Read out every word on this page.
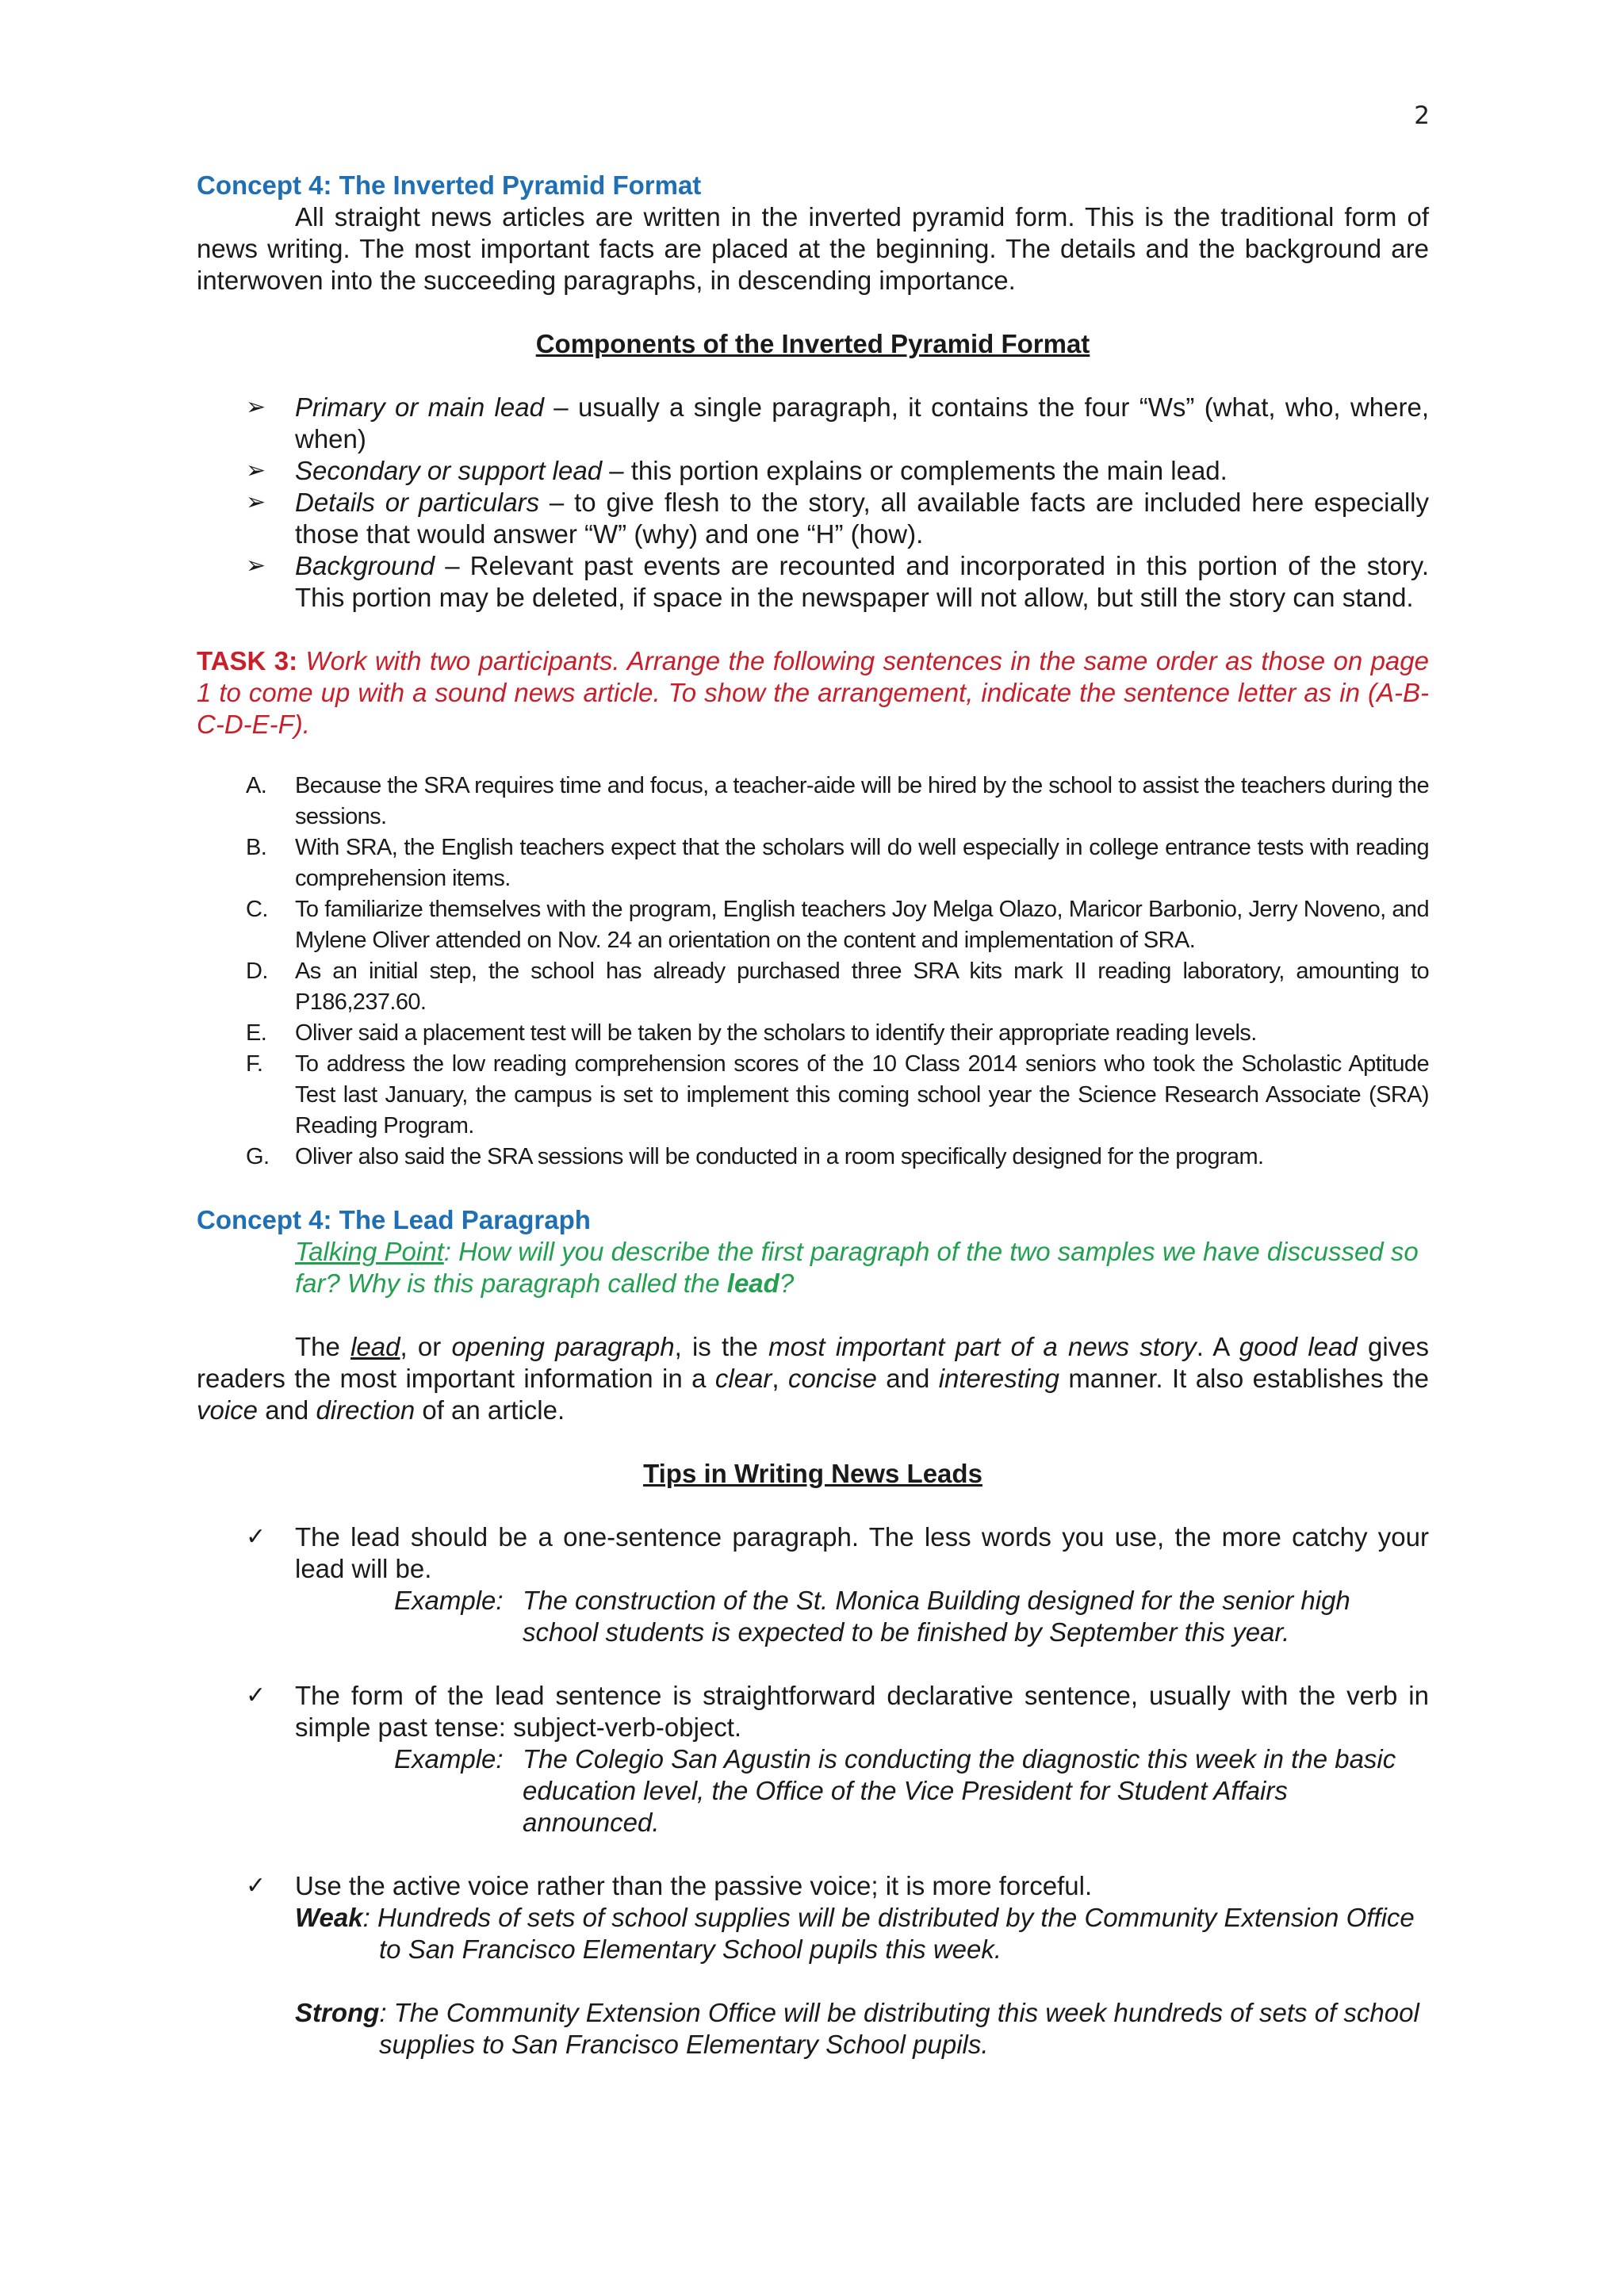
2
Concept 4: The Inverted Pyramid Format

All straight news articles are written in the inverted pyramid form. This is the traditional form of news writing. The most important facts are placed at the beginning. The details and the background are interwoven into the succeeding paragraphs, in descending importance.

Components of the Inverted Pyramid Format
➢ Primary or main lead – usually a single paragraph, it contains the four “Ws” (what, who, where, when)
➢ Secondary or support lead – this portion explains or complements the main lead.
➢ Details or particulars – to give flesh to the story, all available facts are included here especially those that would answer “W” (why) and one “H” (how).
➢ Background – Relevant past events are recounted and incorporated in this portion of the story. This portion may be deleted, if space in the newspaper will not allow, but still the story can stand.
TASK 3: Work with two participants. Arrange the following sentences in the same order as those on page 1 to come up with a sound news article. To show the arrangement, indicate the sentence letter as in (A-B-C-D-E-F).
A. Because the SRA requires time and focus, a teacher-aide will be hired by the school to assist the teachers during the sessions.
B. With SRA, the English teachers expect that the scholars will do well especially in college entrance tests with reading comprehension items.
C. To familiarize themselves with the program, English teachers Joy Melga Olazo, Maricor Barbonio, Jerry Noveno, and Mylene Oliver attended on Nov. 24 an orientation on the content and implementation of SRA.
D. As an initial step, the school has already purchased three SRA kits mark II reading laboratory, amounting to P186,237.60.
E. Oliver said a placement test will be taken by the scholars to identify their appropriate reading levels.
F. To address the low reading comprehension scores of the 10 Class 2014 seniors who took the Scholastic Aptitude Test last January, the campus is set to implement this coming school year the Science Research Associate (SRA) Reading Program.
G. Oliver also said the SRA sessions will be conducted in a room specifically designed for the program.
Concept 4: The Lead Paragraph
Talking Point: How will you describe the first paragraph of the two samples we have discussed so far? Why is this paragraph called the lead?

The lead, or opening paragraph, is the most important part of a news story. A good lead gives readers the most important information in a clear, concise and interesting manner. It also establishes the voice and direction of an article.

Tips in Writing News Leads
✓ The lead should be a one-sentence paragraph. The less words you use, the more catchy your lead will be.
Example: The construction of the St. Monica Building designed for the senior high school students is expected to be finished by September this year.
✓ The form of the lead sentence is straightforward declarative sentence, usually with the verb in simple past tense: subject-verb-object.
Example: The Colegio San Agustin is conducting the diagnostic this week in the basic education level, the Office of the Vice President for Student Affairs announced.
✓ Use the active voice rather than the passive voice; it is more forceful.
Weak: Hundreds of sets of school supplies will be distributed by the Community Extension Office to San Francisco Elementary School pupils this week.
Strong: The Community Extension Office will be distributing this week hundreds of sets of school supplies to San Francisco Elementary School pupils.
